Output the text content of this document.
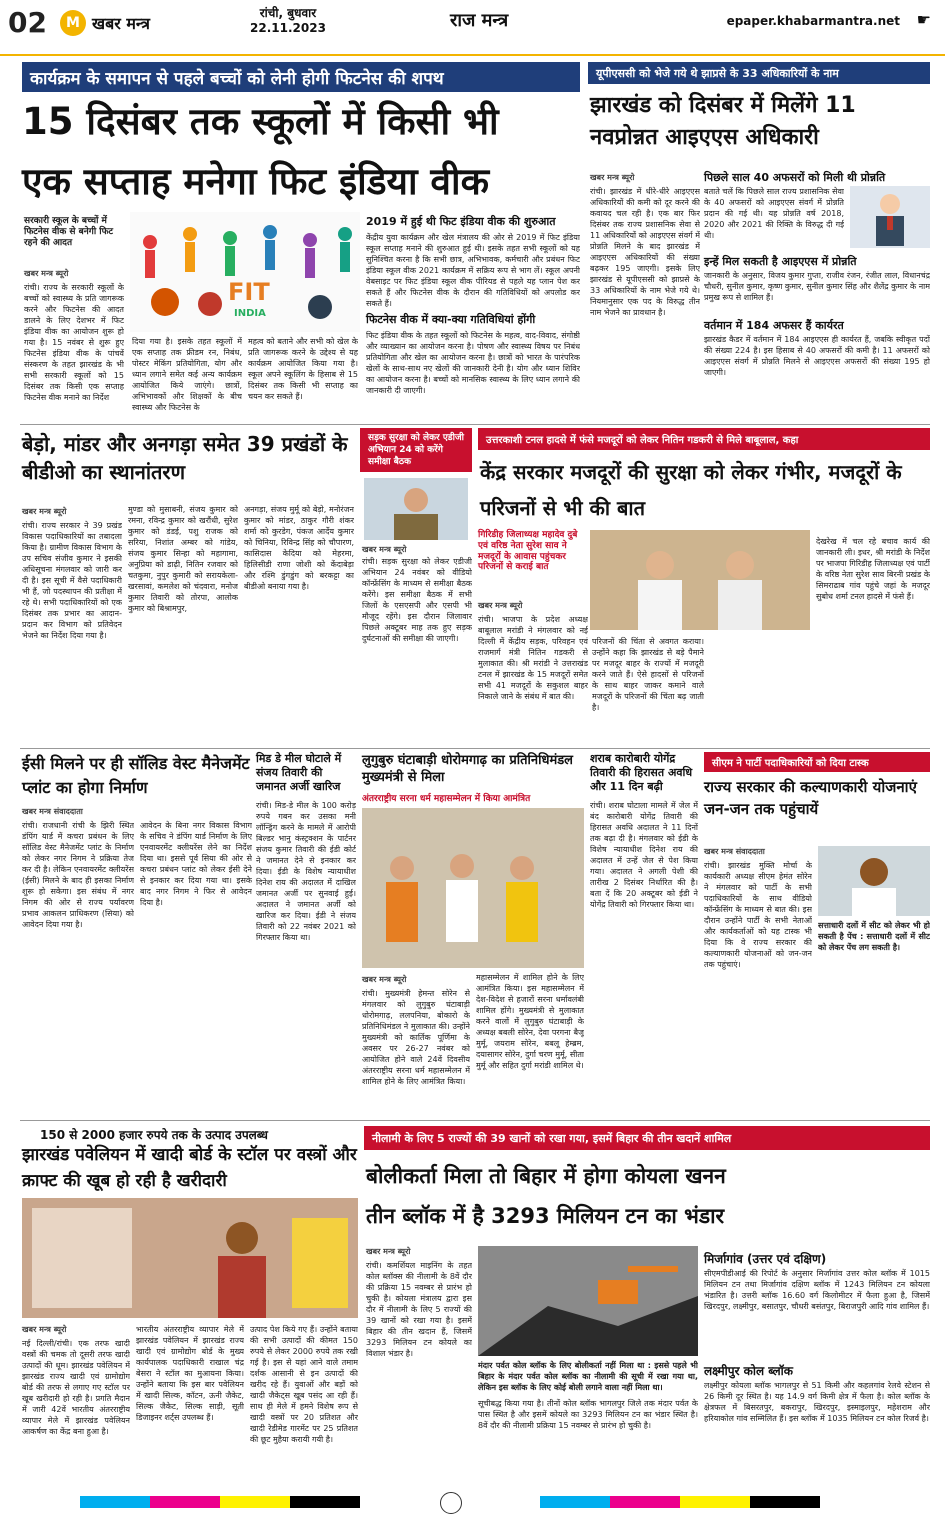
02	M खबर मन्त्र
रांची, बुधवार
22.11.2023	राज मन्त्र	epaper.khabarmantra.net ☛
कार्यक्रम के समापन से पहले बच्चों को लेनी होगी फिटनेस की शपथ
15 दिसंबर तक स्कूलों में किसी भी
एक सप्ताह मनेगा फिट इंडिया वीक
सरकारी स्कूल के बच्चों में फिटनेस वीक से बनेगी फिट रहने की आदत
खबर मन्त्र ब्यूरो
रांची। राज्य के सरकारी स्कूलों के बच्चों को स्वास्थ्य के प्रति जागरूक करने और फिटनेस की आदत डालने के लिए देशभर में फिट इंडिया वीक का आयोजन शुरू हो गया है। 15 नवंबर से शुरू हुए फिटनेस इंडिया वीक के पांचवें संस्करण के तहत झारखंड के भी सभी सरकारी स्कूलों को 15 दिसंबर तक किसी एक सप्ताह फिटनेस वीक मनाने का निर्देश
FIT
INDIA
दिया गया है। इसके तहत स्कूलों में एक सप्ताह तक फ्रीडम रन, निबंध, पोस्टर मेकिंग प्रतियोगिता, योग और ध्यान लगाने समेत कई अन्य कार्यक्रम आयोजित किये जाएंगे। छात्रों, अभिभावकों और शिक्षकों के बीच स्वास्थ्य और फिटनेस के
महत्व को बताने और सभी को खेल के प्रति जागरूक करने के उद्देश्य से यह कार्यक्रम आयोजित किया गया है। स्कूल अपने स्कूलिंग के हिसाब से 15 दिसंबर तक किसी भी सप्ताह का चयन कर सकते हैं।
2019 में हुई थी फिट इंडिया वीक की शुरुआत
केंद्रीय युवा कार्यक्रम और खेल मंत्रालय की ओर से 2019 में फिट इंडिया स्कूल सप्ताह मनाने की शुरुआत हुई थी। इसके तहत सभी स्कूलों को यह सुनिश्चित करना है कि सभी छात्र, अभिभावक, कर्मचारी और प्रबंधन फिट इंडिया स्कूल वीक 2021 कार्यक्रम में सक्रिय रूप से भाग लें। स्कूल अपनी वेबसाइट पर फिट इंडिया स्कूल वीक पीरियड से पहले यह प्लान पेश कर सकते हैं और फिटनेस वीक के दौरान की गतिविधियों को अपलोड कर सकते हैं।
फिटनेस वीक में क्या-क्या गतिविधियां होंगी
फिट इंडिया वीक के तहत स्कूलों को फिटनेस के महत्व, वाद-विवाद, संगोष्ठी और व्याख्यान का आयोजन करना है। पोषण और स्वास्थ्य विषय पर निबंध प्रतियोगिता और खेल का आयोजन करना है। छात्रों को भारत के पारंपरिक खेलों के साथ-साथ नए खेलों की जानकारी देनी है। योग और ध्यान शिविर का आयोजन करना है। बच्चों को मानसिक स्वास्थ्य के लिए ध्यान लगाने की जानकारी दी जाएगी।
यूपीएससी को भेजे गये थे झाप्रसे के 33 अधिकारियों के नाम
झारखंड को दिसंबर में मिलेंगे 11 नवप्रोन्नत आइएएस अधिकारी
खबर मन्त्र ब्यूरो
रांची। झारखंड में धीरे-धीरे आइएएस अधिकारियों की कमी को दूर करने की कवायद चल रही है। एक बार फिर दिसंबर तक राज्य प्रशासनिक सेवा से 11 अधिकारियों को आइएएस संवर्ग में प्रोन्नति मिलने के बाद झारखंड में आइएएस अधिकारियों की संख्या बढ़कर 195 जाएगी। इसके लिए झारखंड से यूपीएससी को झाप्रसे के 33 अधिकारियों के नाम भेजे गये थे। नियमानुसार एक पद के विरुद्ध तीन नाम भेजने का प्रावधान है।
पिछले साल 40 अफसरों को मिली थी प्रोन्नति
बताते चलें कि पिछले साल राज्य प्रशासनिक सेवा के 40 अफसरों को आइएएस संवर्ग में प्रोन्नति प्रदान की गई थी। यह प्रोन्नति वर्ष 2018, 2020 और 2021 की रिक्ति के विरुद्ध दी गई थी।
इन्हें मिल सकती है आइएएस में प्रोन्नति
जानकारी के अनुसार, विजय कुमार गुप्ता, राजीव रंजन, रंजीत लाल, विधानचंद्र चौधरी, सुनील कुमार, कृष्ण कुमार, सुनील कुमार सिंह और शैलेंद्र कुमार के नाम प्रमुख रूप से शामिल हैं।
वर्तमान में 184 अफसर हैं कार्यरत
झारखंड कैडर में वर्तमान में 184 आइएएस ही कार्यरत हैं, जबकि स्वीकृत पदों की संख्या 224 है। इस हिसाब से 40 अफसरों की कमी है। 11 अफसरों को आइएएस संवर्ग में प्रोन्नति मिलने से आइएएस अफसरों की संख्या 195 हो जाएगी।
बेड़ो, मांडर और अनगड़ा समेत 39 प्रखंडों के बीडीओ का स्थानांतरण
खबर मन्त्र ब्यूरो
रांची। राज्य सरकार ने 39 प्रखंड विकास पदाधिकारियों का तबादला किया है। ग्रामीण विकास विभाग के उप सचिव संजीव कुमार ने इसकी अधिसूचना मंगलवार को जारी कर दी है। इस सूची में वैसे पदाधिकारी भी हैं, जो पदस्थापन की प्रतीक्षा में रहे थे। सभी पदाधिकारियों को एक दिसंबर तक प्रभार का आदान-प्रदान कर विभाग को प्रतिवेदन भेजने का निर्देश दिया गया है।
मुण्डा को मुसाबनी, संजय कुमार को रमना, रविन्द्र कुमार को खरौंधी, सुरेश कुमार को डंडई, पशु राजक को सरिया, निशांत अम्बर को गांडेय, संजय कुमार सिन्हा को महागामा, अनुप्रिया को डाढ़ी, नितिन रजवार को चतकुमा, नुपुर कुमारी को सरायकेला-खरसावां, कमलेश को चंदवारा, मनोज कुमार तिवारी को तोरपा, आलोक कुमार को बिश्रामपुर,
अनगड़ा, संजय मुर्मू को बेड़ो, मनोरंजन कुमार को मांडर, ठाकुर गौरी शंकर शर्मा को कुरडेग, पंकज आर्देय कुमार को चिनिया, रिविन्द्र सिंह को चौपारण, कासिदास केदिया को मेहरमा, हिलिसीडी राणा जोशी को केंदाबेड़ा और रश्मि डुंगडुंग को बरकट्टा का बीडीओ बनाया गया है।
सड़क सुरक्षा को लेकर एडीजी अभियान 24 को करेंगे समीक्षा बैठक
खबर मन्त्र ब्यूरो
रांची। सड़क सुरक्षा को लेकर एडीजी अभियान 24 नवंबर को वीडियो कॉन्फ्रेंसिंग के माध्यम से समीक्षा बैठक करेंगे। इस समीक्षा बैठक में सभी जिलों के एसएसपी और एसपी भी मौजूद रहेंगे। इस दौरान जिलावार पिछले अक्टूबर माह तक हुए सड़क दुर्घटनाओं की समीक्षा की जाएगी।
उत्तरकाशी टनल हादसे में फंसे मजदूरों को लेकर नितिन गडकरी से मिले बाबूलाल, कहा
केंद्र सरकार मजदूरों की सुरक्षा को लेकर गंभीर, मजदूरों के परिजनों से भी की बात
गिरिडीह जिलाध्यक्ष महादेव दुबे एवं वरिष्ठ नेता सुरेश साव ने मजदूरों के आवास पहुंचकर परिजनों से कराई बात
खबर मन्त्र ब्यूरो
रांची। भाजपा के प्रदेश अध्यक्ष बाबूलाल मरांडी ने मंगलवार को नई दिल्ली में केंद्रीय सड़क, परिवहन एवं राजमार्ग मंत्री नितिन गडकरी से मुलाकात की। श्री मरांडी ने उत्तराखंड टनल में झारखंड के 15 मजदूरों समेत सभी 41 मजदूरों के सकुशल बाहर निकाले जाने के संबंध में बात की।
परिजनों की चिंता से अवगत कराया। उन्होंने कहा कि झारखंड से बड़े पैमाने पर मजदूर बाहर के राज्यों में मजदूरी करने जाते हैं। ऐसे हादसों से परिजनों के साथ बाहर जाकर कमाने वाले मजदूरों के परिजनों की चिंता बढ़ जाती है।
देखरेख में चल रहे बचाव कार्य की जानकारी ली। इधर, श्री मरांडी के निर्देश पर भाजपा गिरिडीह जिलाध्यक्ष एवं पार्टी के वरिष्ठ नेता सुरेश साव बिरनी प्रखंड के सिमराढाब गांव पहुंचे जहां के मजदूर सुबोध शर्मा टनल हादसे में फंसे हैं।
ईसी मिलने पर ही सॉलिड वेस्ट मैनेजमेंट प्लांट का होगा निर्माण
खबर मन्त्र संवाददाता
रांची। राजधानी रांची के झिरी स्थित डंपिंग यार्ड में कचरा प्रबंधन के लिए सॉलिड वेस्ट मैनेजमेंट प्लांट के निर्माण को लेकर नगर निगम ने प्रक्रिया तेज कर दी है। लेकिन एनवायरमेंट क्लीयरेंस (ईसी) मिलने के बाद ही इसका निर्माण शुरू हो सकेगा। इस संबंध में नगर निगम की ओर से राज्य पर्यावरण प्रभाव आकलन प्राधिकरण (सिया) को आवेदन दिया गया है।
आवेदन के बिना नगर विकास विभाग के सचिव ने डंपिंग यार्ड निर्माण के लिए एनवायरमेंट क्लीयरेंस लेने का निर्देश दिया था। इससे पूर्व सिया की ओर से कचरा प्रबंधन प्लांट को लेकर ईसी देने से इनकार कर दिया गया था। इसके बाद नगर निगम ने फिर से आवेदन दिया है।
मिड डे मील घोटाले में संजय तिवारी की जमानत अर्जी खारिज
रांची। मिड-डे मील के 100 करोड़ रुपये गबन कर उसका मनी लॉन्ड्रिंग करने के मामले में आरोपी बिल्डर भानु कंस्ट्रक्शन के पार्टनर संजय कुमार तिवारी की ईडी कोर्ट ने जमानत देने से इनकार कर दिया। ईडी के विशेष न्यायाधीश दिनेश राय की अदालत में दाखिल जमानत अर्जी पर सुनवाई हुई। अदालत ने जमानत अर्जी को खारिज कर दिया। ईडी ने संजय तिवारी को 22 नवंबर 2021 को गिरफ्तार किया था।
लुगुबुरु घंटाबाड़ी धोरोमगाढ़ का प्रतिनिधिमंडल मुख्यमंत्री से मिला
अंतरराष्ट्रीय सरना धर्म महासम्मेलन में किया आमंत्रित
खबर मन्त्र ब्यूरो
रांची। मुख्यमंत्री हेमन्त सोरेन से मंगलवार को लुगुबुरु घंटाबाड़ी धोरोमगाढ़, ललपनिया, बोकारो के प्रतिनिधिमंडल ने मुलाकात की। उन्होंने मुख्यमंत्री को कार्तिक पूर्णिमा के अवसर पर 26-27 नवंबर को आयोजित होने वाले 24वें दिवसीय अंतरराष्ट्रीय सरना धर्म महासम्मेलन में शामिल होने के लिए आमंत्रित किया।
महासम्मेलन में शामिल होने के लिए आमंत्रित किया। इस महासम्मेलन में देश-विदेश से हजारों सरना धर्मावलंबी शामिल होंगे। मुख्यमंत्री से मुलाकात करने वालों में लुगुबुरु घंटाबाड़ी के अध्यक्ष बबली सोरेन, देवा परगना बैजू मुर्मू, जयराम सोरेन, बबलू हेम्ब्रम, दयासागर सोरेन, दुर्गा चरण मुर्मू, सीता मुर्मू और सहित दुर्गा मरांडी शामिल थे।
शराब कारोबारी योगेंद्र तिवारी की हिरासत अवधि और 11 दिन बढ़ी
रांची। शराब घोटाला मामले में जेल में बंद कारोबारी योगेंद्र तिवारी की हिरासत अवधि अदालत ने 11 दिनों तक बढ़ा दी है। मंगलवार को ईडी के विशेष न्यायाधीश दिनेश राय की अदालत में उन्हें जेल से पेश किया गया। अदालत ने अगली पेशी की तारीख 2 दिसंबर निर्धारित की है। बता दें कि 20 अक्टूबर को ईडी ने योगेंद्र तिवारी को गिरफ्तार किया था।
सीएम ने पार्टी पदाधिकारियों को दिया टास्क
राज्य सरकार की कल्याणकारी योजनाएं जन-जन तक पहुंचायें
खबर मन्त्र संवाददाता
रांची। झारखंड मुक्ति मोर्चा के कार्यकारी अध्यक्ष सीएम हेमंत सोरेन ने मंगलवार को पार्टी के सभी पदाधिकारियों के साथ वीडियो कॉन्फ्रेंसिंग के माध्यम से बात की। इस दौरान उन्होंने पार्टी के सभी नेताओं और कार्यकर्ताओं को यह टास्क भी दिया कि वे राज्य सरकार की कल्याणकारी योजनाओं को जन-जन तक पहुंचाएं।
सत्ताधारी दलों में सीट को लेकर भी हो सकती है पेंच : सत्ताधारी दलों में सीट को लेकर पेंच लग सकती है।
150 से 2000 हजार रुपये तक के उत्पाद उपलब्ध
झारखंड पवेलियन में खादी बोर्ड के स्टॉल पर वस्त्रों और क्राफ्ट की खूब हो रही है खरीदारी
खबर मन्त्र ब्यूरो
नई दिल्ली/रांची। एक तरफ खादी वस्त्रों की चमक तो दूसरी तरफ खादी उत्पादों की धूम। झारखंड पवेलियन में झारखंड राज्य खादी एवं ग्रामोद्योग बोर्ड की तरफ से लगाए गए स्टॉल पर खूब खरीदारी हो रही है। प्रगति मैदान में जारी 42वें भारतीय अंतरराष्ट्रीय व्यापार मेले में झारखंड पवेलियन आकर्षण का केंद्र बना हुआ है।
भारतीय अंतरराष्ट्रीय व्यापार मेले में झारखंड पवेलियन में झारखंड राज्य खादी एवं ग्रामोद्योग बोर्ड के मुख्य कार्यपालक पदाधिकारी राखाल चंद्र बेसरा ने स्टॉल का मुआयना किया। उन्होंने बताया कि इस बार पवेलियन में खादी सिल्क, कॉटन, ऊनी जैकेट, सिल्क जैकेट, सिल्क साड़ी, सूती डिजाइनर शर्ट्स उपलब्ध हैं।
उत्पाद पेश किये गए हैं। उन्होंने बताया की सभी उत्पादों की कीमत 150 रुपये से लेकर 2000 रुपये तक रखी गई है। इस से यहां आने वाले तमाम दर्शक आसानी से इन उत्पादों की खरीद रहे हैं। युवाओं और बड़ों को खादी जैकेट्स खूब पसंद आ रही हैं। साथ ही मेले में हमने विशेष रूप से खादी वस्त्रों पर 20 प्रतिशत और खादी रेडीमेड गारमेंट पर 25 प्रतिशत की छूट मुहैया करायी गयी है।
नीलामी के लिए 5 राज्यों की 39 खानों को रखा गया, इसमें बिहार की तीन खदानें शामिल
बोलीकर्ता मिला तो बिहार में होगा कोयला खनन
तीन ब्लॉक में है 3293 मिलियन टन का भंडार
खबर मन्त्र ब्यूरो
रांची। कमर्शियल माइनिंग के तहत कोल ब्लॉक्स की नीलामी के 8वें दौर की प्रक्रिया 15 नवम्बर से प्रारंभ हो चुकी है। कोयला मंत्रालय द्वारा इस दौर में नीलामी के लिए 5 राज्यों की 39 खानों को रखा गया है। इसमें बिहार की तीन खदान हैं, जिसमें 3293 मिलियन टन कोयले का विशाल भंडार है।
मंदार पर्वत कोल ब्लॉक के लिए बोलीकर्ता नहीं मिला था : इससे पहले भी बिहार के मंदार पर्वत कोल ब्लॉक का नीलामी की सूची में रखा गया था, लेकिन इस ब्लॉक के लिए कोई बोली लगाने वाला नहीं मिला था।
सूचीबद्ध किया गया है। तीनों कोल ब्लॉक भागलपुर जिले तक मंदार पर्वत के पास स्थित है और इसमें कोयले का 3293 मिलियन टन का भंडार स्थित है। 8वें दौर की नीलामी प्रक्रिया 15 नवम्बर से प्रारंभ हो चुकी है।
मिर्जागांव (उत्तर एवं दक्षिण)
सीएमपीडीआई की रिपोर्ट के अनुसार मिर्जागांव उत्तर कोल ब्लॉक में 1015 मिलियन टन तथा मिर्जागांव दक्षिण ब्लॉक में 1243 मिलियन टन कोयला भंडारित है। उत्तरी ब्लॉक 16.60 वर्ग किलोमीटर में फैला हुआ है, जिसमें खिरदपुर, लक्ष्मीपुर, बसातपुर, चौधरी बसंतपुर, बिराजपुरी आदि गांव शामिल हैं।
लक्ष्मीपुर कोल ब्लॉक
लक्ष्मीपुर कोयला ब्लॉक भागलपुर से 51 किमी और कहलगांव रेलवे स्टेशन से 26 किमी दूर स्थित है। यह 14.9 वर्ग किमी क्षेत्र में फैला है। कोल ब्लॉक के क्षेत्रफल में बिसरतपुर, बकरापुर, खिरदपुर, इस्माइलपुर, महेशराम और हरियाकोल गांव सम्मिलित हैं। इस ब्लॉक में 1035 मिलियन टन कोल रिजर्व है।
